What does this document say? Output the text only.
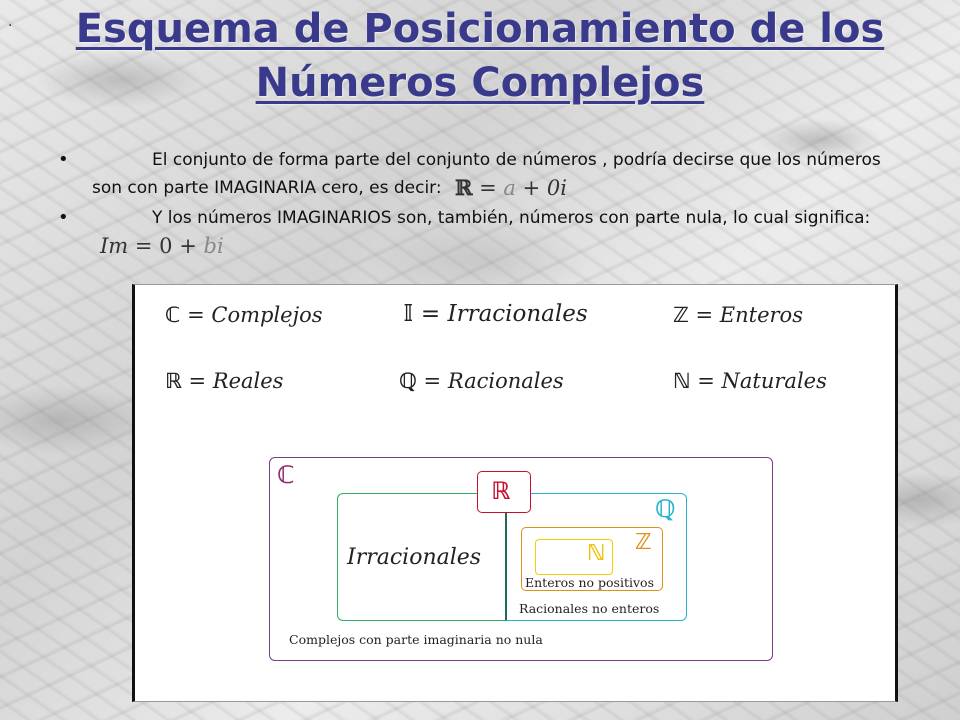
.	Esquema de Posicionamiento de los Números Complejos
• El conjunto de forma parte del conjunto de números , podría decirse que los números son con parte IMAGINARIA cero, es decir: ℝ = a + 0i
• Y los números IMAGINARIOS son, también, números con parte nula, lo cual significa: Im = 0 + bi
ℂ = Complejos	𝕀 = Irracionales	ℤ = Enteros
ℝ = Reales	ℚ = Racionales	ℕ = Naturales
ℂ
ℝ
ℚ
ℤ
ℕ
Irracionales
Enteros no positivos
Racionales no enteros
Complejos con parte imaginaria no nula
